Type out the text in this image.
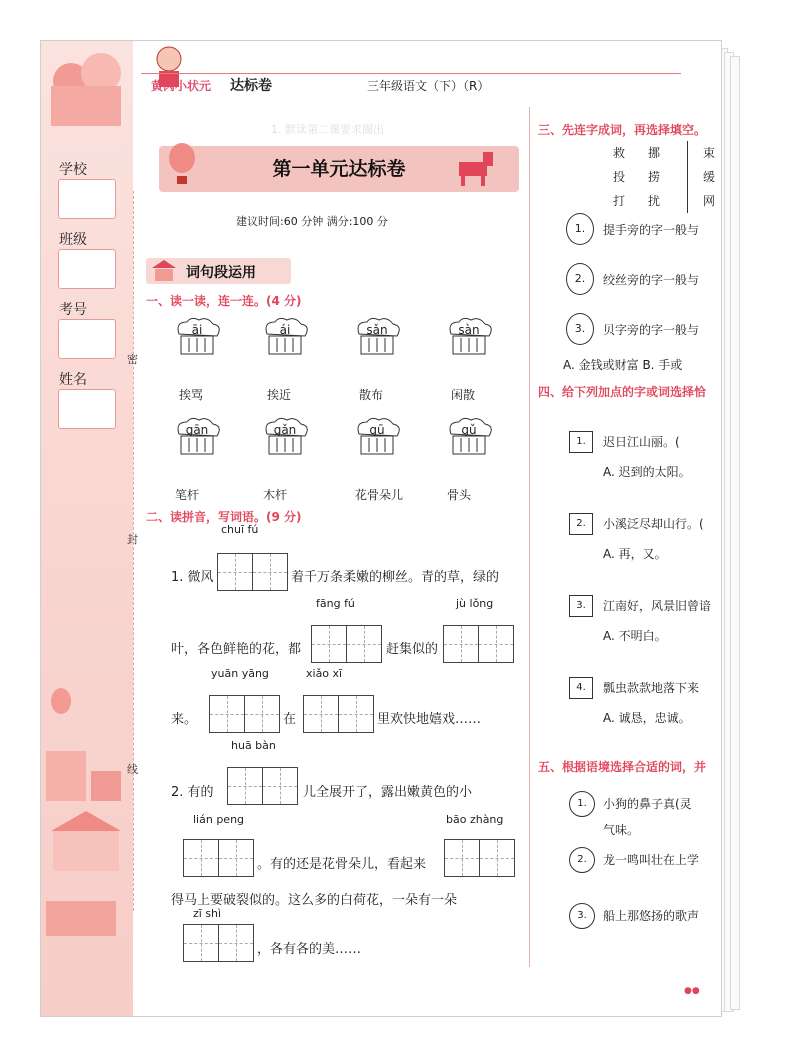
学校
班级
考号
姓名
密
封
线
黄冈小状元 达标卷	三年级语文（下）（R）
1. 默读第二课要求圈出
第一单元达标卷
建议时间:60 分钟 满分:100 分
词句段运用
一、读一读，连一连。(4 分)
āi
挨骂
ái
挨近
sǎn
散布
sàn
闲散
gān
笔杆
gǎn
木杆
gū
花骨朵儿
gǔ
骨头
二、读拼音，写词语。(9 分)
chuī fú
1. 微风	着千万条柔嫩的柳丝。青的草，绿的
fāng fú	jù lǒng
叶，各色鲜艳的花，都	赶集似的
yuān yāng	xiǎo xī
来。	在	里欢快地嬉戏……
huā bàn
2. 有的	儿全展开了，露出嫩黄色的小
lián peng	bāo zhàng
。有的还是花骨朵儿，看起来
得马上要破裂似的。这么多的白荷花，一朵有一朵
zī shì
，各有各的美……
三、先连字成词，再选择填空。
救 挪	束
投 捞	缓
打 扰	网
1.	提手旁的字一般与
2.	绞丝旁的字一般与
3.	贝字旁的字一般与
A. 金钱或财富 B. 手或
四、给下列加点的字或词选择恰
1.	迟日江山丽。(
A. 迟到的太阳。
2.	小溪泛尽却山行。(
A. 再，又。
3.	江南好，风景旧曾谙
A. 不明白。
4.	瓢虫款款地落下来
A. 诚恳，忠诚。
五、根据语境选择合适的词，并
1.	小狗的鼻子真(灵
气味。
2.	龙一鸣叫壮在上学
3.	船上那悠扬的歌声
●●
